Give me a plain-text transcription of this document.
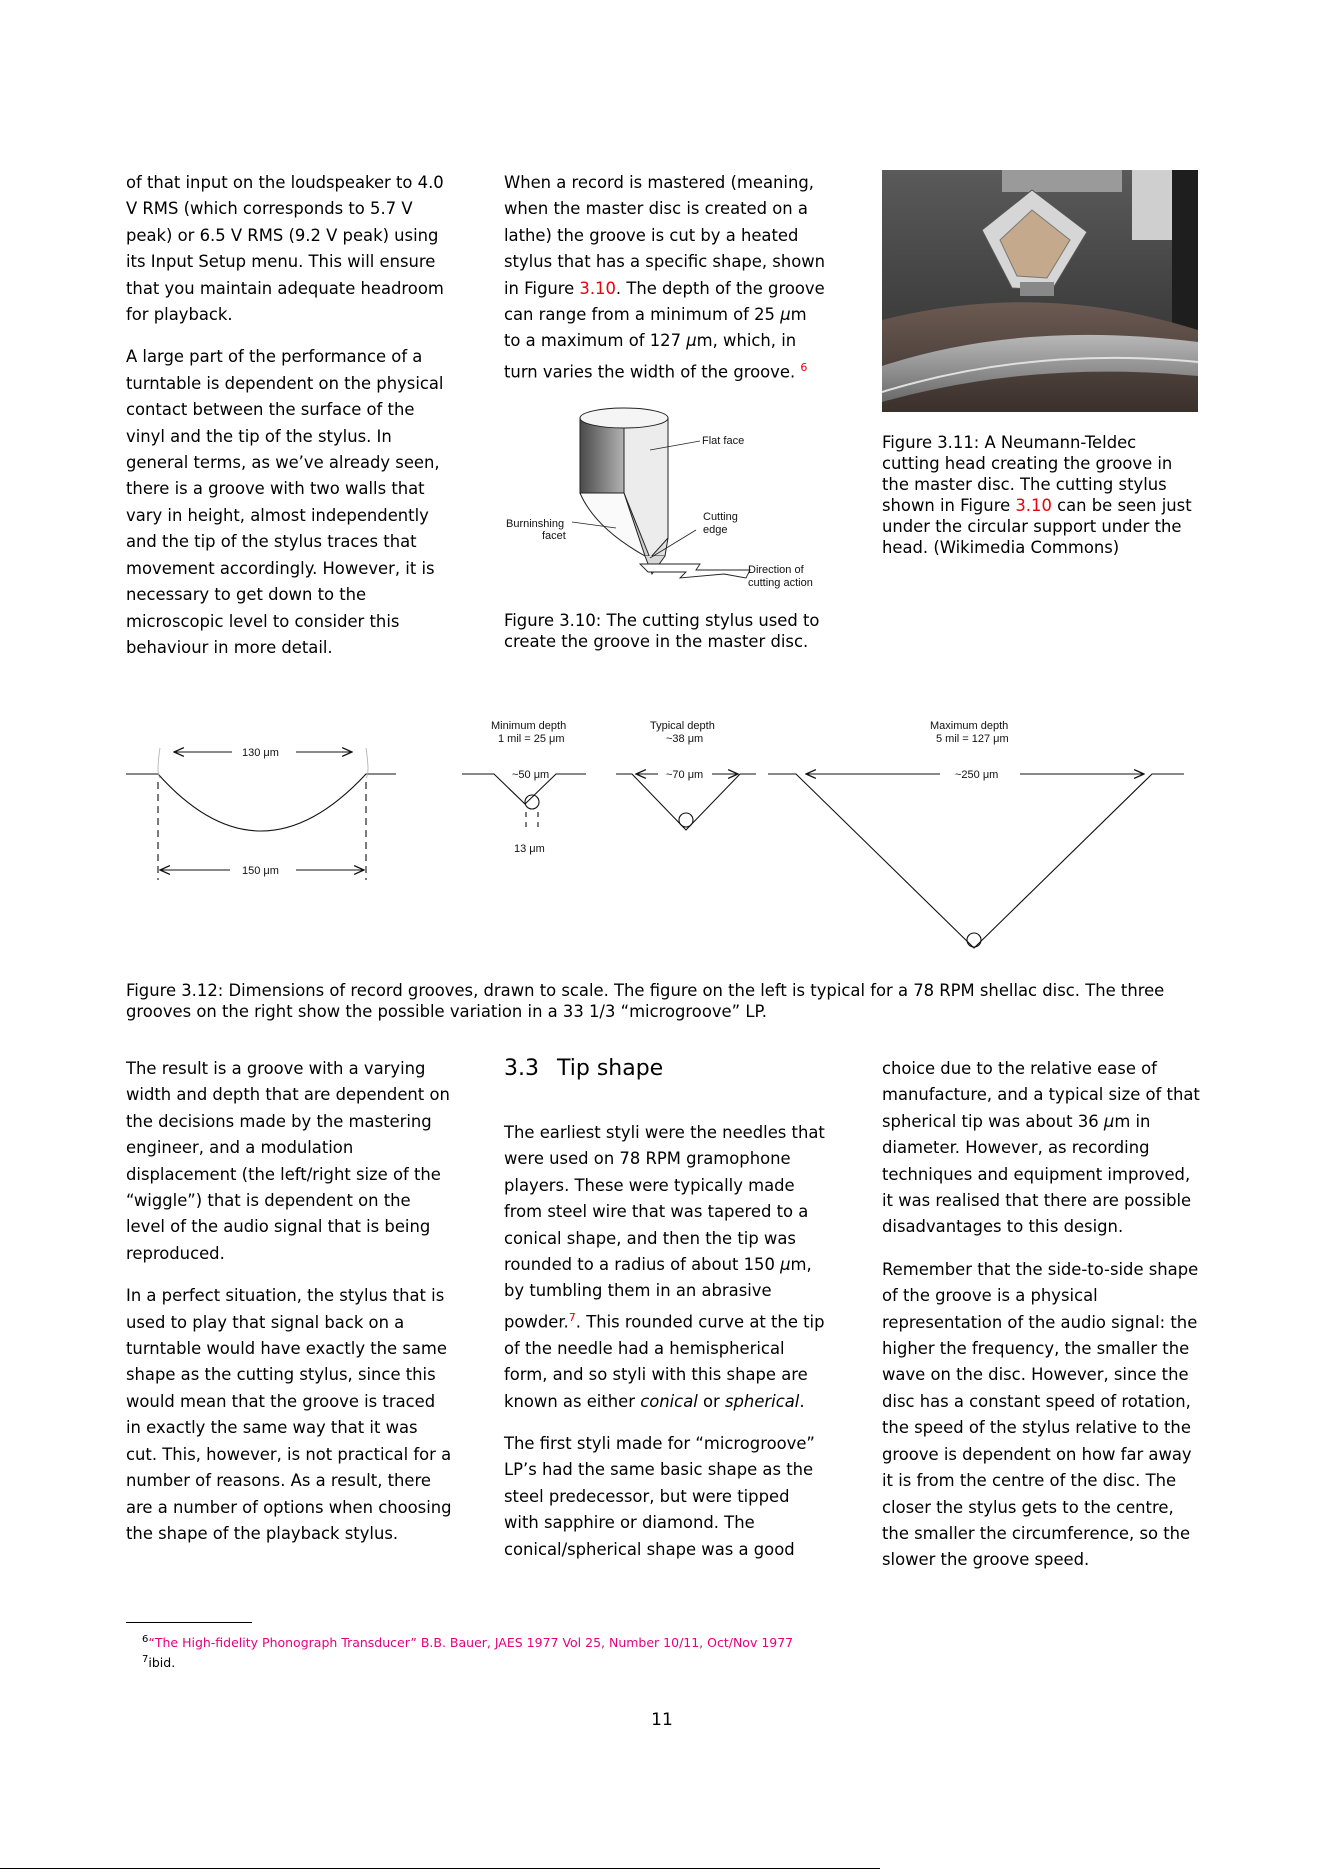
of that input on the loudspeaker to 4.0 V RMS (which corresponds to 5.7 V peak) or 6.5 V RMS (9.2 V peak) using its Input Setup menu. This will ensure that you maintain adequate headroom for playback.

A large part of the performance of a turntable is dependent on the physical contact between the surface of the vinyl and the tip of the stylus. In general terms, as we’ve already seen, there is a groove with two walls that vary in height, almost independently and the tip of the stylus traces that movement accordingly. However, it is necessary to get down to the microscopic level to consider this behaviour in more detail.

When a record is mastered (meaning, when the master disc is created on a lathe) the groove is cut by a heated stylus that has a specific shape, shown in Figure 3.10. The depth of the groove can range from a minimum of 25 μm to a maximum of 127 μm, which, in turn varies the width of the groove. $^6$

Flat face
Cutting
edge
Burninshing
facet
Direction of
cutting action
Figure 3.10: The cutting stylus used to create the groove in the master disc.
Figure 3.11: A Neumann-Teldec cutting head creating the groove in the master disc. The cutting stylus shown in Figure 3.10 can be seen just under the circular support under the head. (Wikimedia Commons)
130 μm
150 μm
Minimum depth
1 mil = 25 μm
~50 μm
13 μm
Typical depth
~38 μm
~70 μm
Maximum depth
5 mil = 127 μm
~250 μm
Figure 3.12: Dimensions of record grooves, drawn to scale. The figure on the left is typical for a 78 RPM shellac disc. The three grooves on the right show the possible variation in a 33 1/3 “microgroove” LP.

The result is a groove with a varying width and depth that are dependent on the decisions made by the mastering engineer, and a modulation displacement (the left/right size of the “wiggle”) that is dependent on the level of the audio signal that is being reproduced.

In a perfect situation, the stylus that is used to play that signal back on a turntable would have exactly the same shape as the cutting stylus, since this would mean that the groove is traced in exactly the same way that it was cut. This, however, is not practical for a number of reasons. As a result, there are a number of options when choosing the shape of the playback stylus.

3.3 Tip shape

The earliest styli were the needles that were used on 78 RPM gramophone players. These were typically made from steel wire that was tapered to a conical shape, and then the tip was rounded to a radius of about 150 μm, by tumbling them in an abrasive powder.$^7$. This rounded curve at the tip of the needle had a hemispherical form, and so styli with this shape are known as either conical or spherical.

The first styli made for “microgroove” LP’s had the same basic shape as the steel predecessor, but were tipped with sapphire or diamond. The conical/spherical shape was a good

choice due to the relative ease of manufacture, and a typical size of that spherical tip was about 36 μm in diameter. However, as recording techniques and equipment improved, it was realised that there are possible disadvantages to this design.

Remember that the side-to-side shape of the groove is a physical representation of the audio signal: the higher the frequency, the smaller the wave on the disc. However, since the disc has a constant speed of rotation, the speed of the stylus relative to the groove is dependent on how far away it is from the centre of the disc. The closer the stylus gets to the centre, the smaller the circumference, so the slower the groove speed.

$^6$“The High-fidelity Phonograph Transducer” B.B. Bauer, JAES 1977 Vol 25, Number 10/11, Oct/Nov 1977
$^7$ibid.
11
